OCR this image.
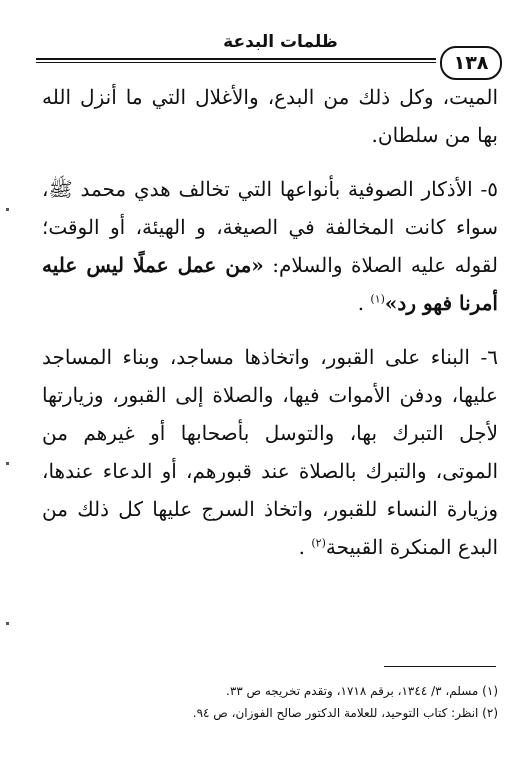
ظلمات البدعة
١٣٨

الميت، وكل ذلك من البدع، والأغلال التي ما أنزل الله بها من سلطان.

٥- الأذكار الصوفية بأنواعها التي تخالف هدي محمد ﷺ، سواء كانت المخالفة في الصيغة، و الهيئة، أو الوقت؛ لقوله عليه الصلاة والسلام: «من عمل عملًا ليس عليه أمرنا فهو رد»$^{(١)}$ .

٦- البناء على القبور، واتخاذها مساجد، وبناء المساجد عليها، ودفن الأموات فيها، والصلاة إلى القبور، وزيارتها لأجل التبرك بها، والتوسل بأصحابها أو غيرهم من الموتى، والتبرك بالصلاة عند قبورهم، أو الدعاء عندها، وزيارة النساء للقبور، واتخاذ السرج عليها كل ذلك من البدع المنكرة القبيحة$^{(٢)}$ .

(١) مسلم، ٣/ ١٣٤٤، برقم ١٧١٨، وتقدم تخريجه ص ٣٣.

(٢) انظر: كتاب التوحيد، للعلامة الدكتور صالح الفوزان، ص ٩٤.
